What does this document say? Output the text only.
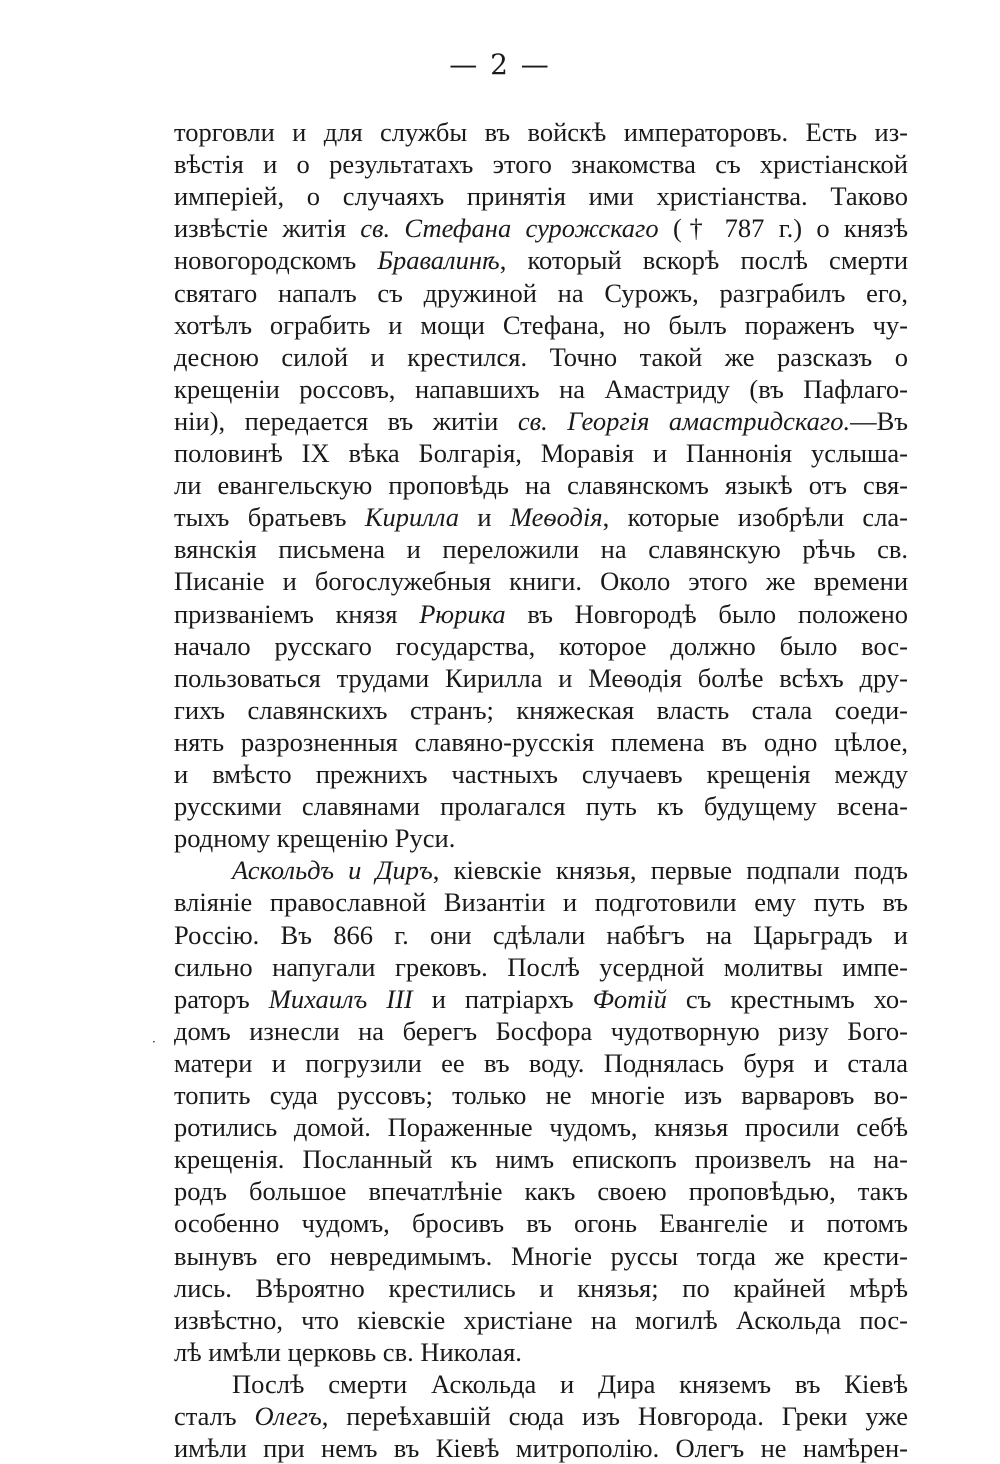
— 2 —
торговли и для службы въ войскѣ императоровъ. Есть из-
вѣстія и о результатахъ этого знакомства съ христіанской
имперіей, о случаяхъ принятія ими христіанства. Таково
извѣстіе житія св. Стефана сурожскаго († 787 г.) о князѣ
новогородскомъ Бравалинѣ, который вскорѣ послѣ смерти
святаго напалъ съ дружиной на Сурожъ, разграбилъ его,
хотѣлъ ограбить и мощи Стефана, но былъ пораженъ чу-
десною силой и крестился. Точно такой же разсказъ о
крещеніи россовъ, напавшихъ на Амастриду (въ Пафлаго-
ніи), передается въ житіи св. Георгія амастридскаго.—Въ
половинѣ IX вѣка Болгарія, Моравія и Паннонія услыша-
ли евангельскую проповѣдь на славянскомъ языкѣ отъ свя-
тыхъ братьевъ Кирилла и Меѳодія, которые изобрѣли сла-
вянскія письмена и переложили на славянскую рѣчь св.
Писаніе и богослужебныя книги. Около этого же времени
призваніемъ князя Рюрика въ Новгородѣ было положено
начало русскаго государства, которое должно было вос-
пользоваться трудами Кирилла и Меѳодія болѣе всѣхъ дру-
гихъ славянскихъ странъ; княжеская власть стала соеди-
нять разрозненныя славяно-русскія племена въ одно цѣлое,
и вмѣсто прежнихъ частныхъ случаевъ крещенія между
русскими славянами пролагался путь къ будущему всена-
родному крещенію Руси.
Аскольдъ и Диръ, кіевскіе князья, первые подпали подъ
вліяніе православной Византіи и подготовили ему путь въ
Россію. Въ 866 г. они сдѣлали набѣгъ на Царьградъ и
сильно напугали грековъ. Послѣ усердной молитвы импе-
раторъ Михаилъ III и патріархъ Фотій съ крестнымъ хо-
домъ изнесли на берегъ Босфора чудотворную ризу Бого-
матери и погрузили ее въ воду. Поднялась буря и стала
топить суда руссовъ; только не многіе изъ варваровъ во-
ротились домой. Пораженные чудомъ, князья просили себѣ
крещенія. Посланный къ нимъ епископъ произвелъ на на-
родъ большое впечатлѣніе какъ своею проповѣдью, такъ
особенно чудомъ, бросивъ въ огонь Евангеліе и потомъ
вынувъ его невредимымъ. Многіе руссы тогда же крести-
лись. Вѣроятно крестились и князья; по крайней мѣрѣ
извѣстно, что кіевскіе христіане на могилѣ Аскольда пос-
лѣ имѣли церковь св. Николая.
Послѣ смерти Аскольда и Дира княземъ въ Кіевѣ
сталъ Олегъ, переѣхавшій сюда изъ Новгорода. Греки уже
имѣли при немъ въ Кіевѣ митрополію. Олегъ не намѣрен-
·
